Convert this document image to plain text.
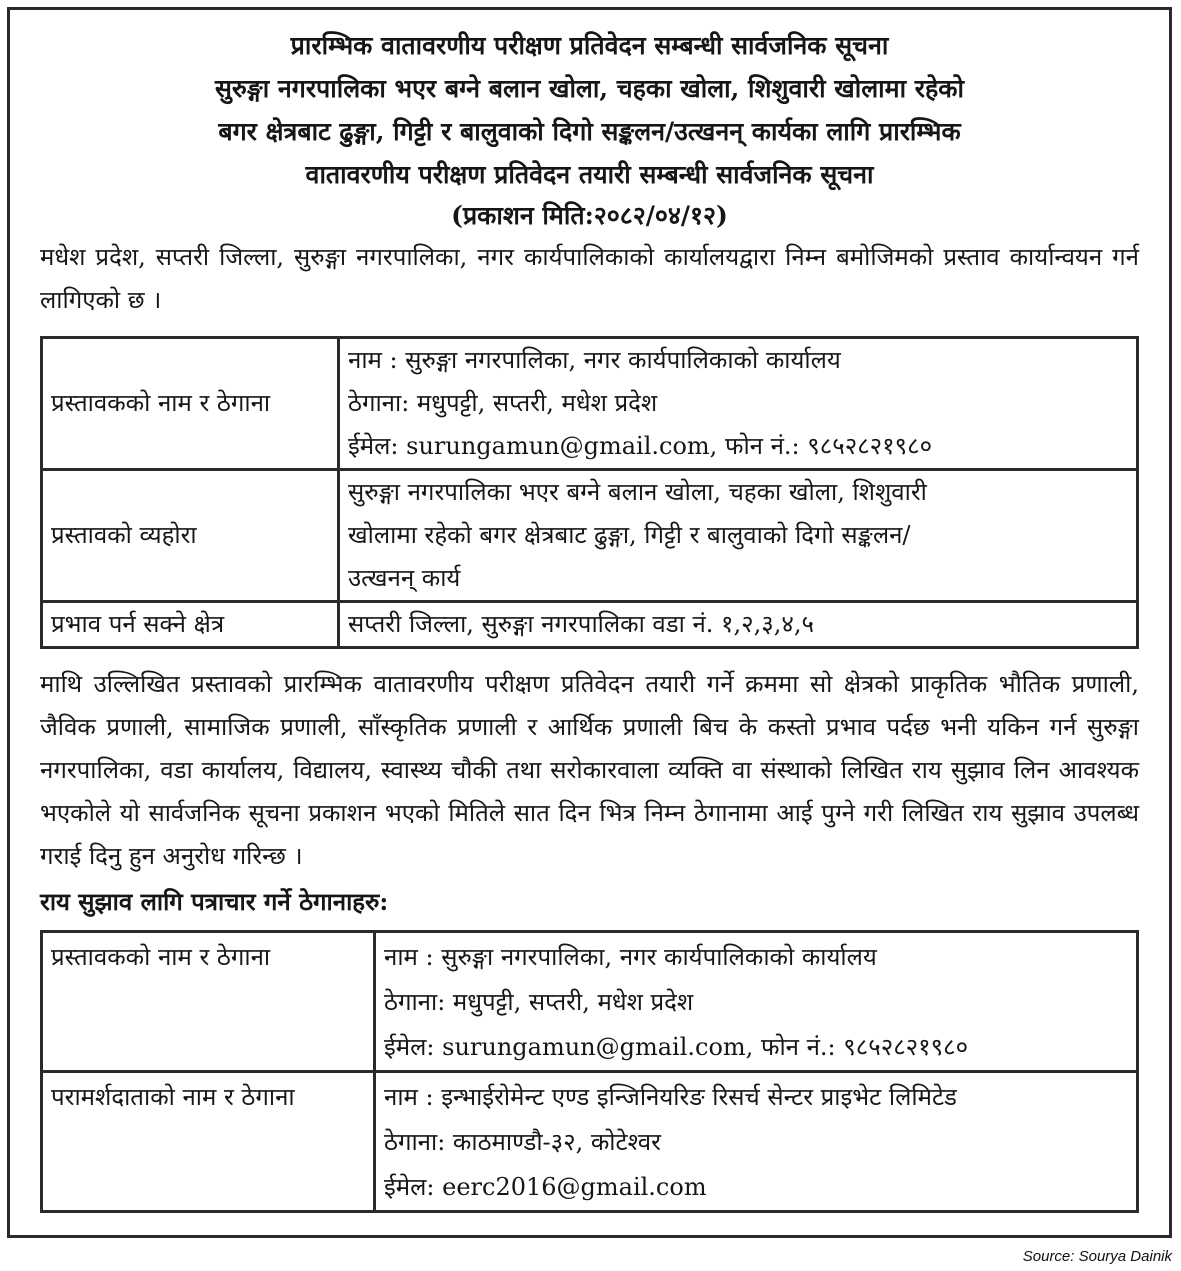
प्रारम्भिक वातावरणीय परीक्षण प्रतिवेदन सम्बन्धी सार्वजनिक सूचना
सुरुङ्गा नगरपालिका भएर बग्ने बलान खोला, चहका खोला, शिशुवारी खोलामा रहेको
बगर क्षेत्रबाट ढुङ्गा, गिट्टी र बालुवाको दिगो सङ्कलन/उत्खनन् कार्यका लागि प्रारम्भिक
वातावरणीय परीक्षण प्रतिवेदन तयारी सम्बन्धी सार्वजनिक सूचना

(प्रकाशन मिति:२०८२/०४/१२)

मधेश प्रदेश, सप्तरी जिल्ला, सुरुङ्गा नगरपालिका, नगर कार्यपालिकाको कार्यालयद्वारा निम्न बमोजिमको प्रस्ताव कार्यान्वयन गर्न लागिएको छ ।

प्रस्तावकको नाम र ठेगाना	नाम : सुरुङ्गा नगरपालिका, नगर कार्यपालिकाको कार्यालय
ठेगाना: मधुपट्टी, सप्तरी, मधेश प्रदेश
ईमेल: surungamun@gmail.com, फोन नं.: ९८५२८२१९८०

प्रस्तावको व्यहोरा	सुरुङ्गा नगरपालिका भएर बग्ने बलान खोला, चहका खोला, शिशुवारी
खोलामा रहेको बगर क्षेत्रबाट ढुङ्गा, गिट्टी र बालुवाको दिगो सङ्कलन/
उत्खनन् कार्य

प्रभाव पर्न सक्ने क्षेत्र	सप्तरी जिल्ला, सुरुङ्गा नगरपालिका वडा नं. १,२,३,४,५

माथि उल्लिखित प्रस्तावको प्रारम्भिक वातावरणीय परीक्षण प्रतिवेदन तयारी गर्ने क्रममा सो क्षेत्रको प्राकृतिक भौतिक प्रणाली, जैविक प्रणाली, सामाजिक प्रणाली, साँस्कृतिक प्रणाली र आर्थिक प्रणाली बिच के कस्तो प्रभाव पर्दछ भनी यकिन गर्न सुरुङ्गा नगरपालिका, वडा कार्यालय, विद्यालय, स्वास्थ्य चौकी तथा सरोकारवाला व्यक्ति वा संस्थाको लिखित राय सुझाव लिन आवश्यक भएकोले यो सार्वजनिक सूचना प्रकाशन भएको मितिले सात दिन भित्र निम्न ठेगानामा आई पुग्ने गरी लिखित राय सुझाव उपलब्ध गराई दिनु हुन अनुरोध गरिन्छ ।

राय सुझाव लागि पत्राचार गर्ने ठेगानाहरु:

प्रस्तावकको नाम र ठेगाना	नाम : सुरुङ्गा नगरपालिका, नगर कार्यपालिकाको कार्यालय
ठेगाना: मधुपट्टी, सप्तरी, मधेश प्रदेश
ईमेल: surungamun@gmail.com, फोन नं.: ९८५२८२१९८०

परामर्शदाताको नाम र ठेगाना	नाम : इन्भाईरोमेन्ट एण्ड इन्जिनियरिङ रिसर्च सेन्टर प्राइभेट लिमिटेड
ठेगाना: काठमाण्डौ-३२, कोटेश्वर
ईमेल: eerc2016@gmail.com
Source: Sourya Dainik
